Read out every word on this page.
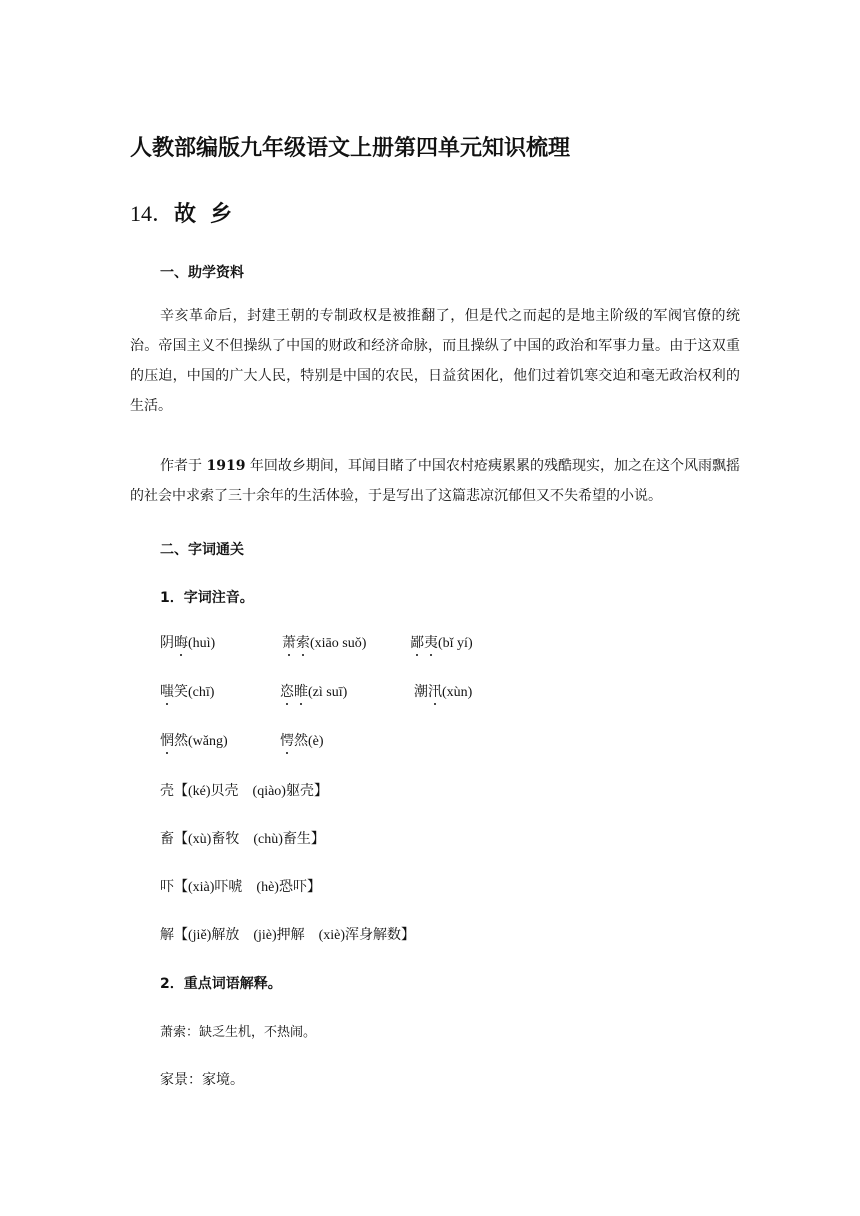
人教部编版九年级语文上册第四单元知识梳理
14．故乡
一、助学资料
辛亥革命后，封建王朝的专制政权是被推翻了，但是代之而起的是地主阶级的军阀官僚的统治。帝国主义不但操纵了中国的财政和经济命脉，而且操纵了中国的政治和军事力量。由于这双重的压迫，中国的广大人民，特别是中国的农民，日益贫困化，他们过着饥寒交迫和毫无政治权利的生活。
作者于 1919 年回故乡期间，耳闻目睹了中国农村疮痍累累的残酷现实，加之在这个风雨飘摇的社会中求索了三十余年的生活体验，于是写出了这篇悲凉沉郁但又不失希望的小说。
二、字词通关
1．字词注音。
阴晦(huì)	萧索(xiāo suǒ)	鄙夷(bǐ yí)
嗤笑(chī)	恣睢(zì suī)	潮汛(xùn)
惘然(wǎng)	愕然(è)
壳【(ké)贝壳　(qiào)躯壳】
畜【(xù)畜牧　(chù)畜生】
吓【(xià)吓唬　(hè)恐吓】
解【(jiě)解放　(jiè)押解　(xiè)浑身解数】
2．重点词语解释。
萧索：缺乏生机，不热闹。
家景：家境。
